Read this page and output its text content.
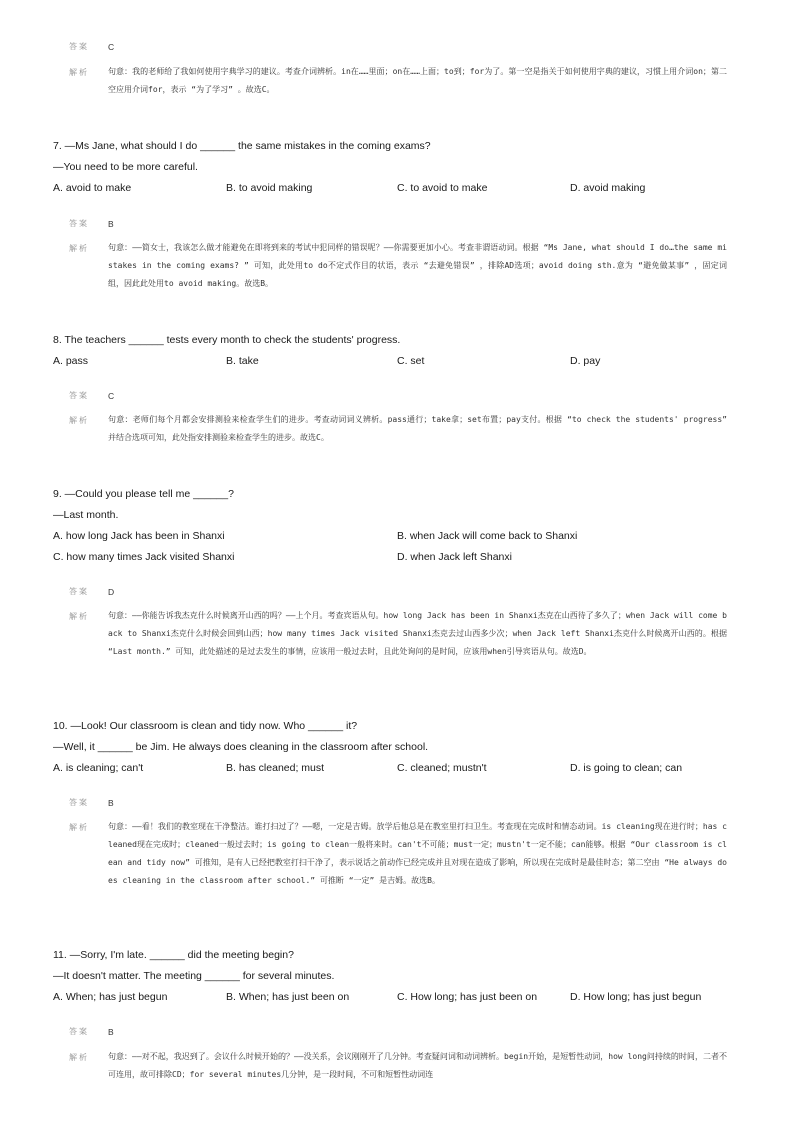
答案 C
解析 句意：我的老师给了我如何使用字典学习的建议。考查介词辨析。in在……里面；on在……上面；to到；for为了。第一空是指关于如何使用字典的建议，习惯上用介词on；第二空应用介词for，表示 “为了学习” 。故选C。
7. —Ms Jane, what should I do ______ the same mistakes in the coming exams?
—You need to be more careful.
A. avoid to make	B. to avoid making	C. to avoid to make	D. avoid making
答案 B
解析 句意：——简女士，我该怎么做才能避免在即将到来的考试中犯同样的错误呢？——你需要更加小心。考查非谓语动词。根据 “Ms Jane, what should I do…the same mistakes in the coming exams? ” 可知，此处用to do不定式作目的状语，表示 “去避免错误” ，排除AD选项；avoid doing sth.意为 “避免做某事” ，固定词组，因此此处用to avoid making。故选B。
8. The teachers ______ tests every month to check the students' progress.
A. pass	B. take	C. set	D. pay
答案 C
解析 句意：老师们每个月都会安排测验来检查学生们的进步。考查动词词义辨析。pass通行；take拿；set布置；pay支付。根据 “to check the students' progress” 并结合选项可知，此处指安排测验来检查学生的进步。故选C。
9. —Could you please tell me ______?
—Last month.
A. how long Jack has been in Shanxi	B. when Jack will come back to Shanxi
C. how many times Jack visited Shanxi	D. when Jack left Shanxi
答案 D
解析 句意：——你能告诉我杰克什么时候离开山西的吗？——上个月。考查宾语从句。how long Jack has been in Shanxi杰克在山西待了多久了；when Jack will come back to Shanxi杰克什么时候会回到山西；how many times Jack visited Shanxi杰克去过山西多少次；when Jack left Shanxi杰克什么时候离开山西的。根据 “Last month.” 可知，此处描述的是过去发生的事情，应该用一般过去时，且此处询问的是时间，应该用when引导宾语从句。故选D。
10. —Look! Our classroom is clean and tidy now. Who ______ it?
—Well, it ______ be Jim. He always does cleaning in the classroom after school.
A. is cleaning; can't	B. has cleaned; must	C. cleaned; mustn't	D. is going to clean; can
答案 B
解析 句意：——看！我们的教室现在干净整洁。谁打扫过了？——嗯，一定是吉姆。放学后他总是在教室里打扫卫生。考查现在完成时和情态动词。is cleaning现在进行时；has cleaned现在完成时；cleaned一般过去时；is going to clean一般将来时。can't不可能；must一定；mustn't一定不能；can能够。根据 “Our classroom is clean and tidy now” 可推知，是有人已经把教室打扫干净了，表示说话之前动作已经完成并且对现在造成了影响，所以现在完成时是最佳时态；第二空由 “He always does cleaning in the classroom after school.” 可推断 “一定” 是吉姆。故选B。
11. —Sorry, I'm late. ______ did the meeting begin?
—It doesn't matter. The meeting ______ for several minutes.
A. When; has just begun	B. When; has just been on	C. How long; has just been on	D. How long; has just begun
答案 B
解析 句意：——对不起，我迟到了。会议什么时候开始的？——没关系，会议刚刚开了几分钟。考查疑问词和动词辨析。begin开始，是短暂性动词，how long问持续的时间，二者不可连用，故可排除CD；for several minutes几分钟，是一段时间，不可和短暂性动词连
